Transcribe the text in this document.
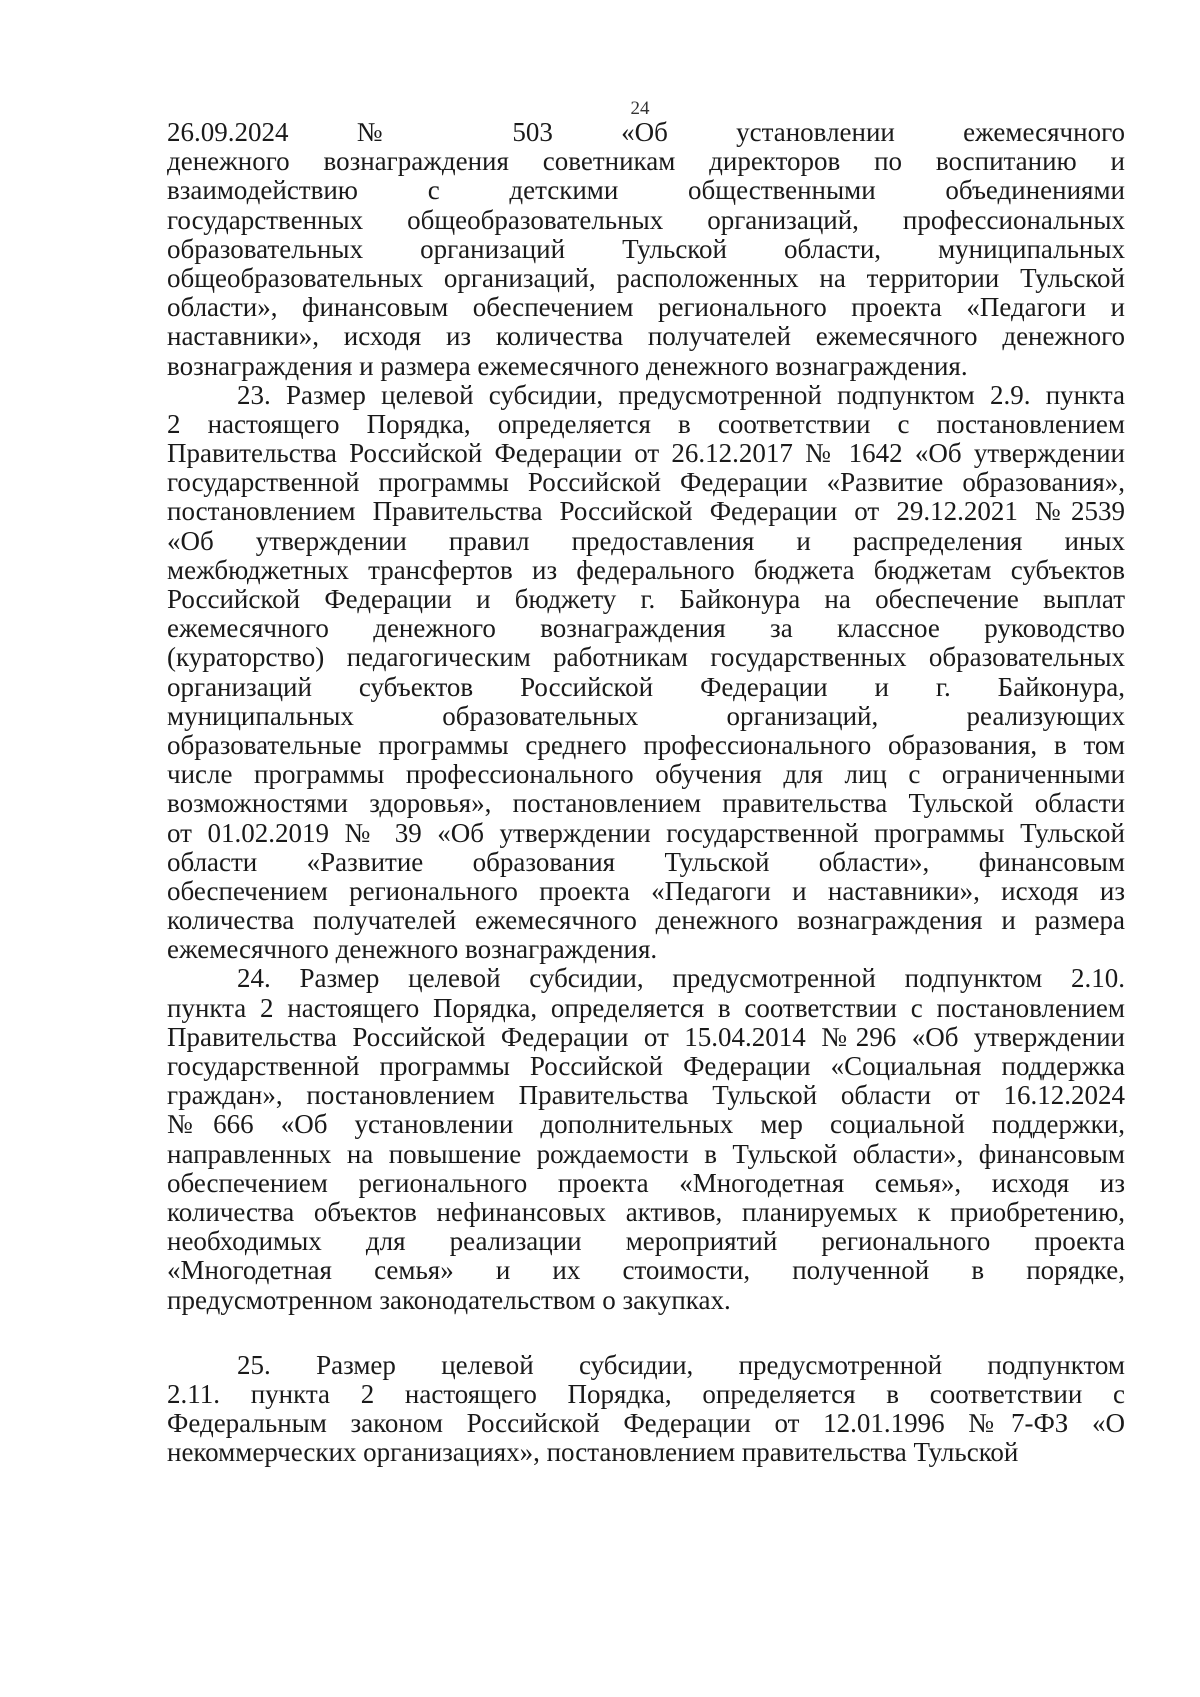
24
26.09.2024 № 503 «Об установлении ежемесячного
денежного вознаграждения советникам директоров по воспитанию и
взаимодействию с детскими общественными объединениями
государственных общеобразовательных организаций, профессиональных
образовательных организаций Тульской области, муниципальных
общеобразовательных организаций, расположенных на территории Тульской
области», финансовым обеспечением регионального проекта «Педагоги и
наставники», исходя из количества получателей ежемесячного денежного
вознаграждения и размера ежемесячного денежного вознаграждения.
23. Размер целевой субсидии, предусмотренной подпунктом 2.9. пункта
2 настоящего Порядка, определяется в соответствии с постановлением
Правительства Российской Федерации от 26.12.2017 № 1642 «Об утверждении
государственной программы Российской Федерации «Развитие образования»,
постановлением Правительства Российской Федерации от 29.12.2021 №2539
«Об утверждении правил предоставления и распределения иных
межбюджетных трансфертов из федерального бюджета бюджетам субъектов
Российской Федерации и бюджету г. Байконура на обеспечение выплат
ежемесячного денежного вознаграждения за классное руководство
(кураторство) педагогическим работникам государственных образовательных
организаций субъектов Российской Федерации и г. Байконура,
муниципальных образовательных организаций, реализующих
образовательные программы среднего профессионального образования, в том
числе программы профессионального обучения для лиц с ограниченными
возможностями здоровья», постановлением правительства Тульской области
от 01.02.2019 № 39 «Об утверждении государственной программы Тульской
области «Развитие образования Тульской области», финансовым
обеспечением регионального проекта «Педагоги и наставники», исходя из
количества получателей ежемесячного денежного вознаграждения и размера
ежемесячного денежного вознаграждения.
24. Размер целевой субсидии, предусмотренной подпунктом 2.10.
пункта 2 настоящего Порядка, определяется в соответствии с постановлением
Правительства Российской Федерации от 15.04.2014 №296 «Об утверждении
государственной программы Российской Федерации «Социальная поддержка
граждан», постановлением Правительства Тульской области от 16.12.2024
№666 «Об установлении дополнительных мер социальной поддержки,
направленных на повышение рождаемости в Тульской области», финансовым
обеспечением регионального проекта «Многодетная семья», исходя из
количества объектов нефинансовых активов, планируемых к приобретению,
необходимых для реализации мероприятий регионального проекта
«Многодетная семья» и их стоимости, полученной в порядке,
предусмотренном законодательством о закупках.
25. Размер целевой субсидии, предусмотренной подпунктом
2.11. пункта 2 настоящего Порядка, определяется в соответствии с
Федеральным законом Российской Федерации от 12.01.1996 №7-ФЗ «О
некоммерческих организациях», постановлением правительства Тульской
